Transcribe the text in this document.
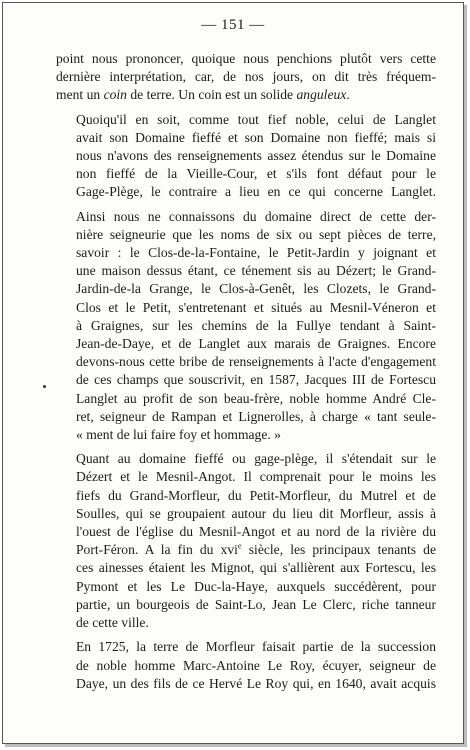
— 151 —

point nous prononcer, quoique nous penchions plutôt vers cette
dernière interprétation, car, de nos jours, on dit très fréquem-
ment un coin de terre. Un coin est un solide anguleux.

Quoiqu'il en soit, comme tout fief noble, celui de Langlet
avait son Domaine fieffé et son Domaine non fieffé; mais si
nous n'avons des renseignements assez étendus sur le Domaine
non fieffé de la Vieille-Cour, et s'ils font défaut pour le
Gage-Plège, le contraire a lieu en ce qui concerne Langlet.

Ainsi nous ne connaissons du domaine direct de cette der-
nière seigneurie que les noms de six ou sept pièces de terre,
savoir : le Clos-de-la-Fontaine, le Petit-Jardin y joignant et
une maison dessus étant, ce ténement sis au Dézert; le Grand-
Jardin-de-la Grange, le Clos-à-Genêt, les Clozets, le Grand-
Clos et le Petit, s'entretenant et situés au Mesnil-Véneron et
à Graignes, sur les chemins de la Fullye tendant à Saint-
Jean-de-Daye, et de Langlet aux marais de Graignes. Encore
devons-nous cette bribe de renseignements à l'acte d'engagement
de ces champs que souscrivit, en 1587, Jacques III de Fortescu
Langlet au profit de son beau-frère, noble homme André Cle-
ret, seigneur de Rampan et Lignerolles, à charge « tant seule-
« ment de lui faire foy et hommage. »

Quant au domaine fieffé ou gage-plège, il s'étendait sur le
Dézert et le Mesnil-Angot. Il comprenait pour le moins les
fiefs du Grand-Morfleur, du Petit-Morfleur, du Mutrel et de
Soulles, qui se groupaient autour du lieu dit Morfleur, assis à
l'ouest de l'église du Mesnil-Angot et au nord de la rivière du
Port-Féron. A la fin du xvi$^e$ siècle, les principaux tenants de
ces ainesses étaient les Mignot, qui s'allièrent aux Fortescu, les
Pymont et les Le Duc-la-Haye, auxquels succédèrent, pour
partie, un bourgeois de Saint-Lo, Jean Le Clerc, riche tanneur
de cette ville.

En 1725, la terre de Morfleur faisait partie de la succession
de noble homme Marc-Antoine Le Roy, écuyer, seigneur de
Daye, un des fils de ce Hervé Le Roy qui, en 1640, avait acquis
